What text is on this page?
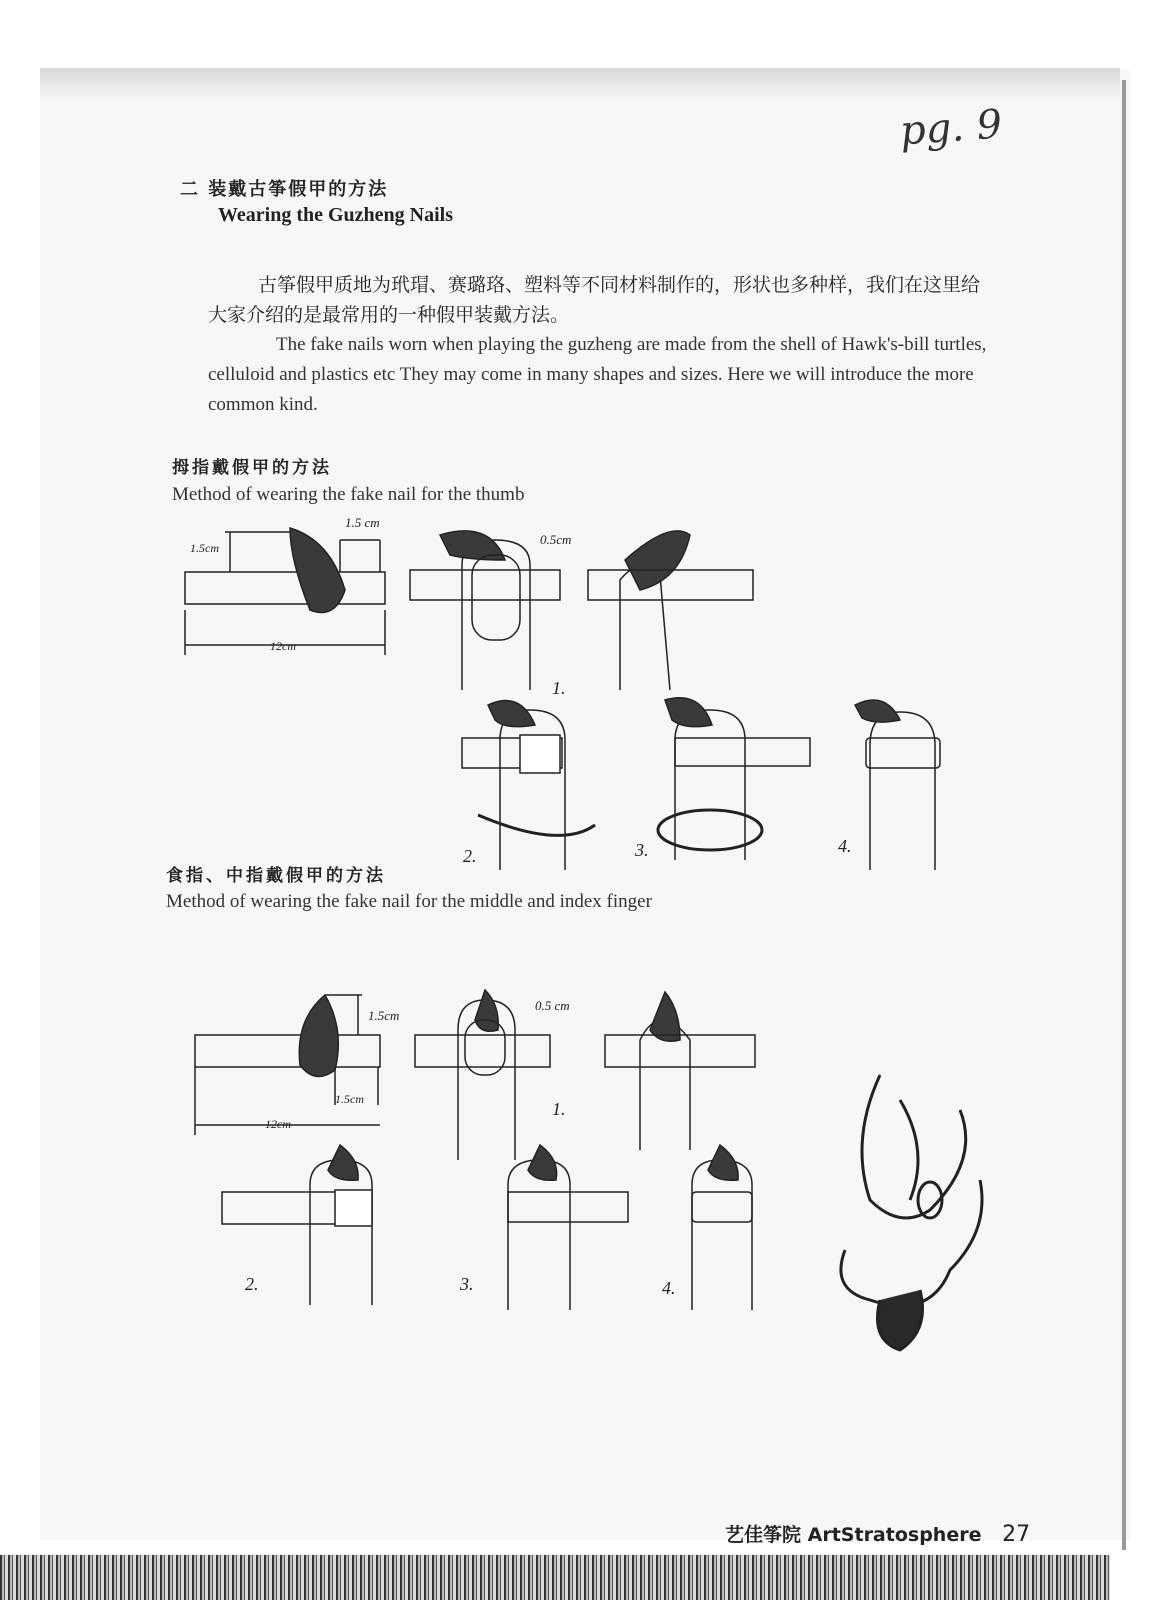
pg. 9
二 装戴古筝假甲的方法
Wearing the Guzheng Nails
古筝假甲质地为玳瑁、赛璐珞、塑料等不同材料制作的，形状也多种样，我们在这里给大家介绍的是最常用的一种假甲装戴方法。
The fake nails worn when playing the guzheng are made from the shell of Hawk's-bill turtles, celluloid and plastics etc They may come in many shapes and sizes. Here we will introduce the more common kind.
拇指戴假甲的方法
Method of wearing the fake nail for the thumb
1.5cm
1.5 cm
12cm
0.5cm
1.
2.	3.	4.
食指、中指戴假甲的方法
Method of wearing the fake nail for the middle and index finger
1.5cm
1.5cm
12cm
0.5 cm
1.
2.	3.	4.
艺佳筝院 ArtStratosphere 27
